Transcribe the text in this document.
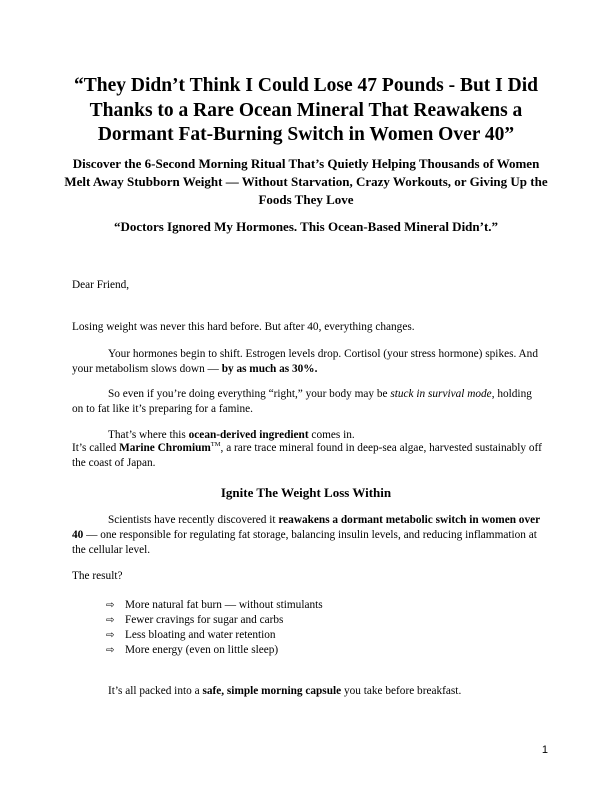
“They Didn’t Think I Could Lose 47 Pounds - But I Did Thanks to a Rare Ocean Mineral That Reawakens a Dormant Fat-Burning Switch in Women Over 40”
Discover the 6-Second Morning Ritual That’s Quietly Helping Thousands of Women Melt Away Stubborn Weight — Without Starvation, Crazy Workouts, or Giving Up the Foods They Love
“Doctors Ignored My Hormones. This Ocean-Based Mineral Didn’t.”
Dear Friend,
Losing weight was never this hard before. But after 40, everything changes.
Your hormones begin to shift. Estrogen levels drop. Cortisol (your stress hormone) spikes. And your metabolism slows down — by as much as 30%.
So even if you’re doing everything “right,” your body may be stuck in survival mode, holding on to fat like it’s preparing for a famine.
That’s where this ocean-derived ingredient comes in.
It’s called Marine Chromium™, a rare trace mineral found in deep-sea algae, harvested sustainably off the coast of Japan.
Ignite The Weight Loss Within
Scientists have recently discovered it reawakens a dormant metabolic switch in women over 40 — one responsible for regulating fat storage, balancing insulin levels, and reducing inflammation at the cellular level.
The result?
⇨ More natural fat burn — without stimulants
⇨ Fewer cravings for sugar and carbs
⇨ Less bloating and water retention
⇨ More energy (even on little sleep)
It’s all packed into a safe, simple morning capsule you take before breakfast.
1
